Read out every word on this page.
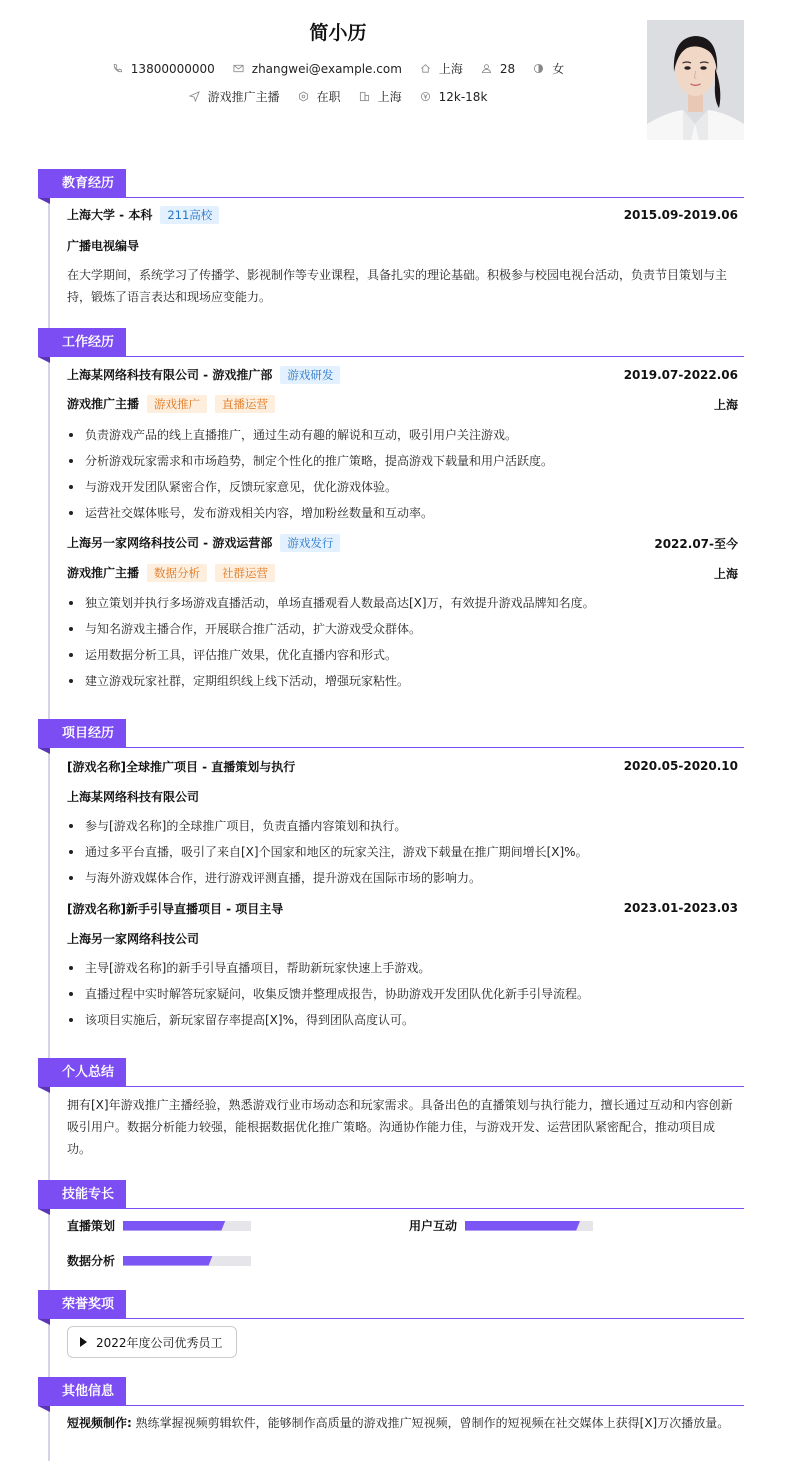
简小历
13800000000	zhangwei@example.com	上海	28	女
游戏推广主播	在职	上海	12k-18k
教育经历
上海大学 - 本科 211高校	2015.09-2019.06
广播电视编导
在大学期间，系统学习了传播学、影视制作等专业课程，具备扎实的理论基础。积极参与校园电视台活动，负责节目策划与主持，锻炼了语言表达和现场应变能力。
工作经历
上海某网络科技有限公司 - 游戏推广部 游戏研发	2019.07-2022.06
游戏推广主播 游戏推广 直播运营	上海
负责游戏产品的线上直播推广，通过生动有趣的解说和互动，吸引用户关注游戏。
分析游戏玩家需求和市场趋势，制定个性化的推广策略，提高游戏下载量和用户活跃度。
与游戏开发团队紧密合作，反馈玩家意见，优化游戏体验。
运营社交媒体账号，发布游戏相关内容，增加粉丝数量和互动率。
上海另一家网络科技公司 - 游戏运营部 游戏发行	2022.07-至今
游戏推广主播 数据分析 社群运营	上海
独立策划并执行多场游戏直播活动，单场直播观看人数最高达[X]万，有效提升游戏品牌知名度。
与知名游戏主播合作，开展联合推广活动，扩大游戏受众群体。
运用数据分析工具，评估推广效果，优化直播内容和形式。
建立游戏玩家社群，定期组织线上线下活动，增强玩家粘性。
项目经历
[游戏名称]全球推广项目 - 直播策划与执行	2020.05-2020.10
上海某网络科技有限公司
参与[游戏名称]的全球推广项目，负责直播内容策划和执行。
通过多平台直播，吸引了来自[X]个国家和地区的玩家关注，游戏下载量在推广期间增长[X]%。
与海外游戏媒体合作，进行游戏评测直播，提升游戏在国际市场的影响力。
[游戏名称]新手引导直播项目 - 项目主导	2023.01-2023.03
上海另一家网络科技公司
主导[游戏名称]的新手引导直播项目，帮助新玩家快速上手游戏。
直播过程中实时解答玩家疑问，收集反馈并整理成报告，协助游戏开发团队优化新手引导流程。
该项目实施后，新玩家留存率提高[X]%，得到团队高度认可。
个人总结
拥有[X]年游戏推广主播经验，熟悉游戏行业市场动态和玩家需求。具备出色的直播策划与执行能力，擅长通过互动和内容创新
吸引用户。数据分析能力较强，能根据数据优化推广策略。沟通协作能力佳，与游戏开发、运营团队紧密配合，推动项目成
功。
技能专长
直播策划	用户互动
数据分析
荣誉奖项
2022年度公司优秀员工
其他信息
短视频制作: 熟练掌握视频剪辑软件，能够制作高质量的游戏推广短视频，曾制作的短视频在社交媒体上获得[X]万次播放量。
